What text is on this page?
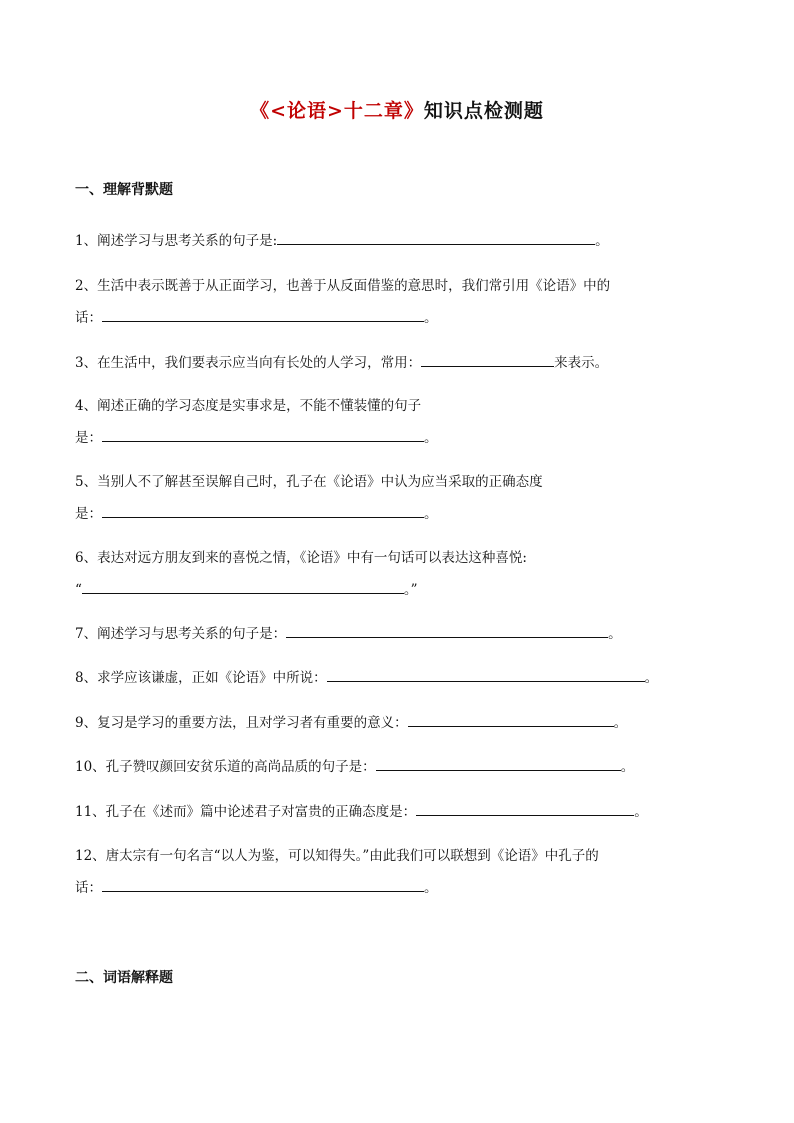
《<论语>十二章》知识点检测题
一、理解背默题
1、阐述学习与思考关系的句子是:	。
2、生活中表示既善于从正面学习，也善于从反面借鉴的意思时，我们常引用《论语》中的
话：	。
3、在生活中，我们要表示应当向有长处的人学习，常用：	来表示。
4、阐述正确的学习态度是实事求是，不能不懂装懂的句子
是：	。
5、当别人不了解甚至误解自己时，孔子在《论语》中认为应当采取的正确态度
是：	。
6、表达对远方朋友到来的喜悦之情，《论语》中有一句话可以表达这种喜悦:
“	。”
7、阐述学习与思考关系的句子是：	。
8、求学应该谦虚，正如《论语》中所说：	。
9、复习是学习的重要方法，且对学习者有重要的意义：	。
10、孔子赞叹颜回安贫乐道的高尚品质的句子是：	。
11、孔子在《述而》篇中论述君子对富贵的正确态度是：	。
12、唐太宗有一句名言“以人为鉴，可以知得失。”由此我们可以联想到《论语》中孔子的
话：	。
二、词语解释题
